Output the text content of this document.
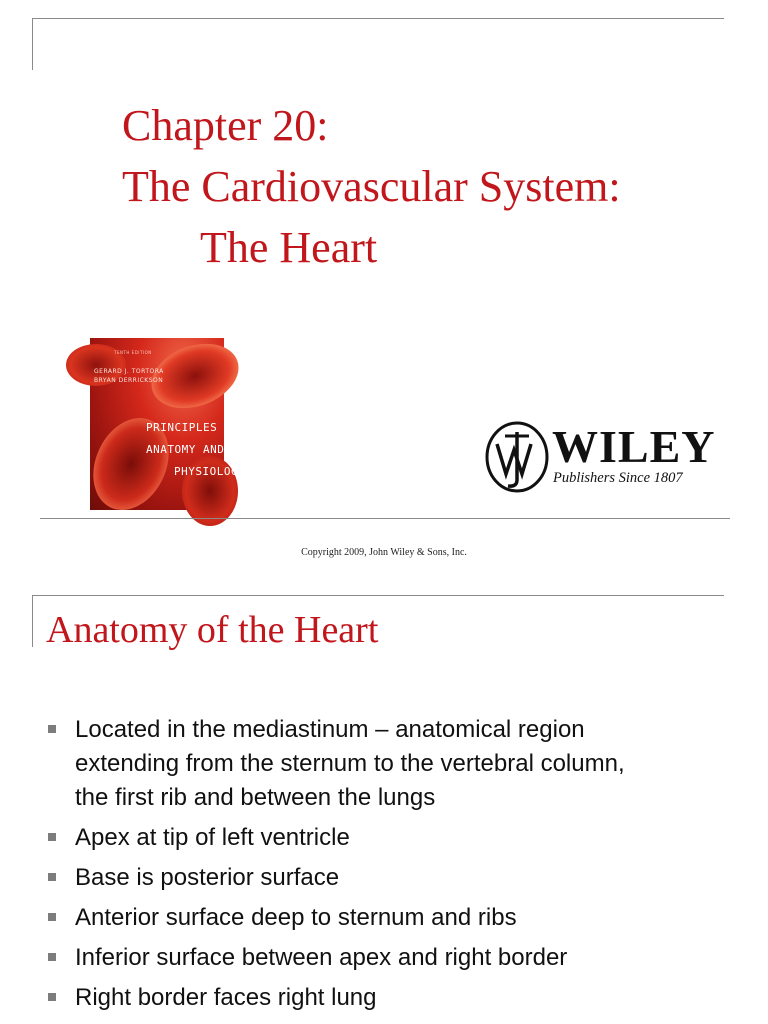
Chapter 20:
The Cardiovascular System:
The Heart
TENTH EDITION
GERARD J. TORTORA
BRYAN DERRICKSON
PRINCIPLES OF
ANATOMY AND
PHYSIOLOGY	WILEY

Publishers Since 1807

Copyright 2009, John Wiley & Sons, Inc.
Anatomy of the Heart
Located in the mediastinum – anatomical region
extending from the sternum to the vertebral column,
the first rib and between the lungs
Apex at tip of left ventricle
Base is posterior surface
Anterior surface deep to sternum and ribs
Inferior surface between apex and right border
Right border faces right lung
